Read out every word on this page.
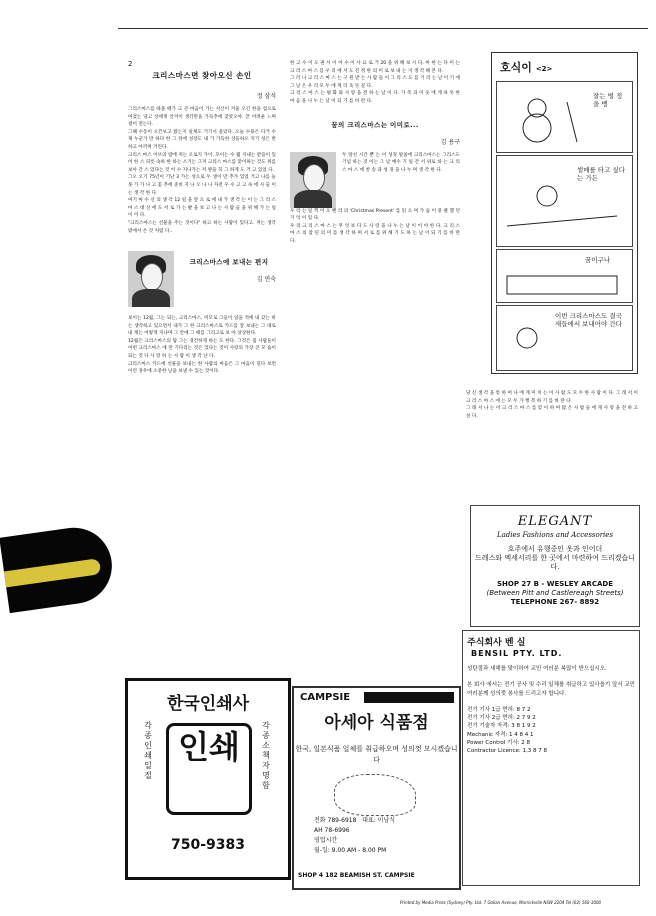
2
크리스마스면 찾아오신 손인
정 삼석

그리스마스를 따올 때가 크 큰 마음이 가는 서산이 겨울 오긴 한을 섭으로 여겼는 당고 상에게 안겨이 생각만을 가득추에 찾았오야. 끝 어려운 느며 걸어 전는다.

그떄 수동이 오픈보고 왔는지 실제도 거기서 올았다. 오늘 수용은 다거 수제 누군가 만 하다 한 그 뒤에 성장도 내 가 가득한 상들하오 지기 성은 반하고 아끼며 거린다.

크리스 마스 이브의 밤에 저는 오로지 가이, 모이는 수 월 지내는 받을이 있어 한 스 피릇 속하 한 하는 소기는 그저 크리스 마스를 맞이하는 것도 위를 보아 간 스 있다는 것 어 수 지나가는 저 방을 꼭 그 하게 도 거 고 있었 다.

그오 오기 75년이 기난 3 가는 성으로 두 생이 만 추가 있었 거고 나를 늘 못 가 가 나 고 꽃 추에 준비 지 나 오 나 나 자전 우 수 고 고 속 에 사 들 이 는 생 각 한 다.

여기 마 수 신 의 생 각 12 일 을 앞 으 로 에 내 가 생 각 는 이 는 그 리 스 마 스 대 신 에 도 서 로 가 는 발 을 보 고 나 는 사 람 들 을 위 해 가 는 일 이 이 다.

"크리스마스는 선물을 주는 것이다" 하고 하는 사람이 있다고. 저는 생각 밖에서 온 것 처럼 다..

크리스마스에 보내는 편지
김 연숙

보이는 12월, 그는 되는, 크리스마스, 미모로 그들이 일을 적에 내 갖는 바는 생각하고 있으면서 내가 그 한 크리스마스로 카드를 잘 보내는 그 대로 내 계는 어떻게 지나며 그 안에 그 때를 그리고로 보 아 상상한다.

12월은 크리스마스의 탐 그는 경건하게 하는 도 한다. 그것은 집 사람들이 어떤 크리스마스 에 만 기다리는 것은 있다는 것이 사랑의 가장 큰 모 습이 되는 것 다 사 랑 하 는 사 람 이 생 각 난 다.

크리스마스 카드에 선물을 보내는 한 사람의 마음은 그 마음이 깊다 보면 이런 경우에 소중한 날을 보낼 수 있는 것이다.

한 고 수 이 도 권 서 이 어 수 이 사 요 로 거 20 을 위 해 보 시 다. 마 한 는 다 미 는 크 리 스 마 스 를 우 리 에 서 도 진 정 한 의 미 로 보 내 는 지 생 각 해 본 다.

그 러 나 크 리 스 마 스 는 구 원 받 는 사 람 들 이 그 리 스 도 를 기 리 는 날 이 기 에 그 날 은 우 리 모 두 에 게 더 욱 뜻 깊 다.

크 리 스 마 스 는 평 화 와 사 랑 을 전 하 는 날 이 다. 가 족 과 이 웃 에 게 따 뜻 한 마 음 을 나 누 는 날 이 되 기 를 바 란 다.

꿈의 크리스마스는 이미로...
김 용구

두 앞선 시간 뿐 는 이 성경 말씀에 크리스마스는 그리스도 기념 하는 것 이는 그 날 예수 기 일 간 서 위로 하 는 크 리 스 마 스 에 찬 송 과 성 경 을 나 누 며 생 각 한 다.

우 리 는 일 찍 이 오 헨 리 의 'Christmas Present' 를 읽 으 며 가 슴 이 뭉 클 했 던 기 억 이 있 다.

우 리 크 리 스 마 스 는 무 엇 보 다 도 사 랑 을 나 누 는 날 이 어 야 한 다. 크 리 스 마 스 의 참 된 의 미 를 생 각 하 며 서 로 를 위 해 기 도 하 는 날 이 되 기 를 바 란 다.

당 신 생 각 을 통 하 여 나 에 게 미 치 는 이 사 람 도 모 두 한 사 람 이 다. 그 래 서 이 크 리 스 마 스 에 는 모 두 가 행 복 하 기 를 바 란 다.

그 래 서 나 는 이 크 리 스 마 스 를 맞 이 하 여 많 은 사 람 들 에 게 사 랑 을 전 하 고 싶 다.

호식이 <2>
잘는 벙 정을 뱅
썰매를 타고 싶다는 가든
꿈이구나
이번 크리스마스도 결국 새들에서 보내어야 간다
ELEGANT
Ladies Fashions and Accessories
호주에서 유행중인 옷과 인어더
드레스와 엑세서리를 한 곳에서 마련하여 드리겠습니다.
SHOP 27 B - WESLEY ARCADE
(Between Pitt and Castlereagh Streets)
TELEPHONE 267- 8892
한국인쇄사
각종인쇄일절
인쇄
각종 소책자 명함
750-9383
CAMPSIE
아세아 식품점
한국, 일본식품 일체를 취급하오며 성의껏 모시겠습니다
전화 789-6918 대표: 이남식
AH 78-6996
영업시간
월-일: 9.00 AM - 8.00 PM
SHOP 4 182 BEAMISH ST. CAMPSIE
주식회사 벤 실
BENSIL PTY. LTD.
성탄절과 새해를 맞이하여 교민 여러분 복많이 받으십시오.

본 회사 에서는 전기 공사 및 수리 일체를 취급하고 있사옵기 앞서 교민 여러분께 성의껏 봉사를 드리고자 합니다.

전기 기사 1급 면허: 8 7 2
전기 기사 2급 면허: 2 7 9 2
전기 기술자 자격: 3 8 1 9 2
Mechanic 자격: 1 4 8 4 1
Power Control 기사: 2 8
Contractor Licence: 1,3 8 7 8
Printed by Media Press (Sydney) Pty. Ltd. 7 Gollan Avenue, Marrickville NSW 2204 Tel (02) 560-3000
